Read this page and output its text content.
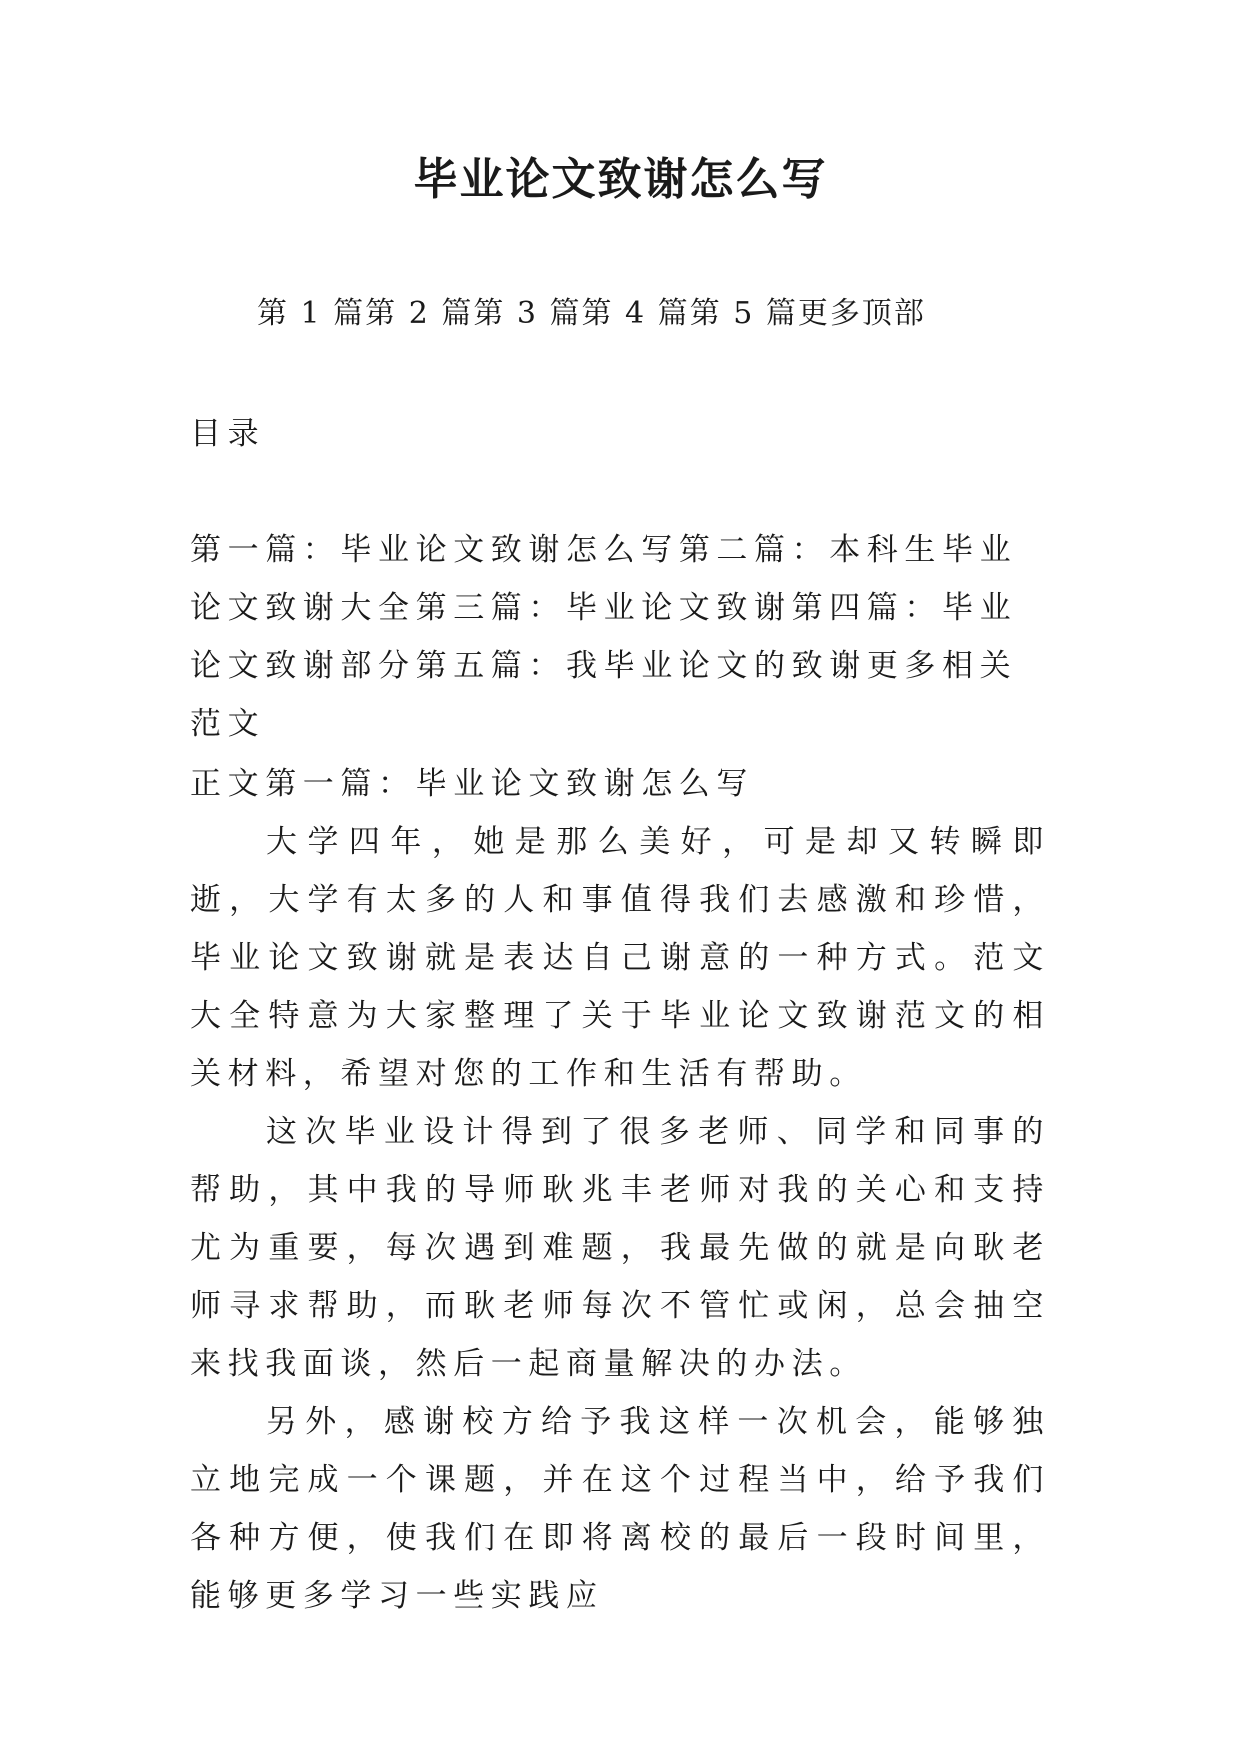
毕业论文致谢怎么写
第 1 篇第 2 篇第 3 篇第 4 篇第 5 篇更多顶部
目录
第一篇：毕业论文致谢怎么写第二篇：本科生毕业论文致谢大全第三篇：毕业论文致谢第四篇：毕业论文致谢部分第五篇：我毕业论文的致谢更多相关范文
正文第一篇：毕业论文致谢怎么写

大学四年，她是那么美好，可是却又转瞬即逝，大学有太多的人和事值得我们去感激和珍惜，毕业论文致谢就是表达自己谢意的一种方式。范文大全特意为大家整理了关于毕业论文致谢范文的相关材料，希望对您的工作和生活有帮助。

这次毕业设计得到了很多老师、同学和同事的帮助，其中我的导师耿兆丰老师对我的关心和支持尤为重要，每次遇到难题，我最先做的就是向耿老师寻求帮助，而耿老师每次不管忙或闲，总会抽空来找我面谈，然后一起商量解决的办法。

另外，感谢校方给予我这样一次机会，能够独立地完成一个课题，并在这个过程当中，给予我们各种方便，使我们在即将离校的最后一段时间里，能够更多学习一些实践应
